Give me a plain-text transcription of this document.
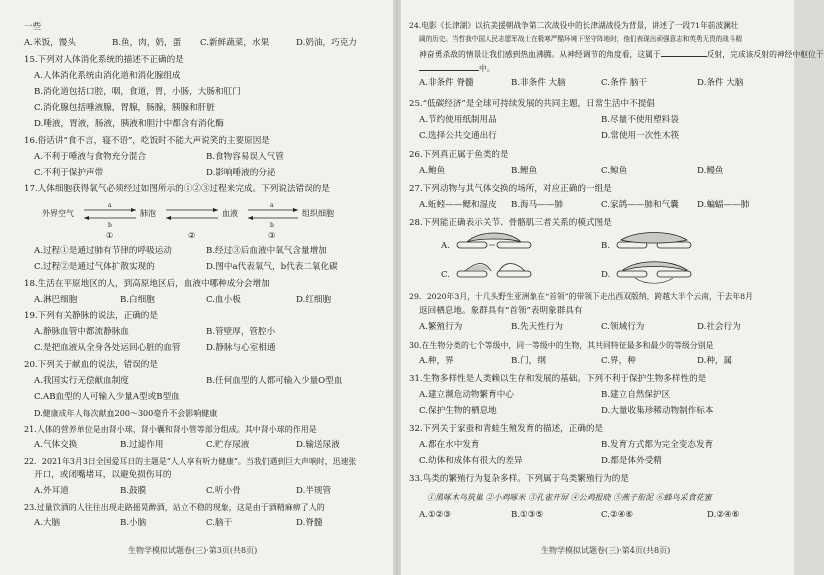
一些
A.米饭，馒头	B.鱼，肉，奶，蛋 C.新鲜蔬菜，水果	D.奶油，巧克力
15.下列对人体消化系统的描述不正确的是
A.人体消化系统由消化道和消化腺组成
B.消化道包括口腔，咽，食道，胃，小肠，大肠和肛门
C.消化腺包括唾液腺，胃腺，肠腺，胰腺和肝脏
D.唾液，胃液，肠液，胰液和胆汁中都含有消化酶
16.俗话讲“食不言，寝不语”，吃饭时不能大声说笑的主要原因是
A.不利于唾液与食物充分混合	B.食物容易误入气管
C.不利于保护声带	D.影响唾液的分泌
17.人体细胞获得氧气必须经过如图所示的①②③过程来完成。下列说法错误的是
外界空气
a
b
肺泡	血液
a
b
组织细胞
①	②	③
A.过程①是通过肺有节律的呼吸运动	B.经过③后血液中氧气含量增加
C.过程②是通过气体扩散实现的	D.图中a代表氧气，b代表二氧化碳
18.生活在平原地区的人，到高原地区后，血液中哪种成分会增加
A.淋巴细胞	B.白细胞	C.血小板	D.红细胞
19.下列有关静脉的说法，正确的是
A.静脉血管中都流静脉血	B.管壁厚，管腔小
C.是把血液从全身各处运回心脏的血管	D.静脉与心室相通
20.下列关于献血的说法，错误的是
A.我国实行无偿献血制度	B.任何血型的人都可输入少量O型血
C.AB血型的人可输入少量A型或B型血
D.健康成年人每次献血200～300毫升不会影响健康
21.人体的营养单位是由肾小球，肾小囊和肾小管等部分组成。其中肾小球的作用是
A.气体交换	B.过滤作用	C.贮存尿液	D.输送尿液
22．2021年3月3日全国爱耳日的主题是“人人享有听力健康”。当我们遇到巨大声响时，迅速张
开口，或闭嘴堵耳，以避免损伤耳的
A.外耳道	B.鼓膜	C.听小骨	D.半规管
23.过量饮酒的人往往出现走路摇晃醉酒，站立不稳的现象，这是由于酒精麻痹了人的
A.大脑	B.小脑	C.脑干	D.脊髓
生物学模拟试题卷(三)·第3页(共8页)
24.电影《长津湖》以抗美援朝战争第二次战役中的长津湖战役为背景，讲述了一段71年前波澜壮
阔的历史。当哲我中国人民志愿军战士在极寒严酷环境下坚守阵地时，他们表现出顽强意志和英勇无畏的战斗精
神奋勇杀敌的情景让我们感到热血沸腾。从神经调节的角度看，这属于	反射，完成该反射的神经中枢位于
中。
A.非条件 脊髓	B.非条件 大脑	C.条件 脑干	D.条件 大脑
25.“低碳经济”是全球可持续发展的共同主题，日常生活中不提倡
A.节约使用纸制用品	B.尽量不使用塑料袋
C.选择公共交通出行	D.常使用一次性木筷
26.下列真正属于鱼类的是
A.鲍鱼	B.鲤鱼	C.鲸鱼	D.鳗鱼
27.下列动物与其气体交换的场所，对应正确的一组是
A.蚯蚓——鳃和湿皮 B.海马——肺	C.家鸽——肺和气囊 D.蝙蝠——肺
28.下列能正确表示关节、骨骼肌三者关系的模式图是
A.	B.
C.	D.
29．2020年3月，十几头野生亚洲象在“首领”的带领下走出西双版纳，跨越大半个云南，于去年8月
返回栖息地。象群具有“首领”表明象群具有
A.繁殖行为	B.先天性行为	C.领域行为	D.社会行为
30.在生物分类的七个等级中，同一等级中的生物，其共同特征最多和最少的等级分别是
A.种，界	B.门，纲	C.界，种	D.种，属
31.生物多样性是人类赖以生存和发展的基础。下列不利于保护生物多样性的是
A.建立濒危动物繁育中心	B.建立自然保护区
C.保护生物的栖息地	D.大量收集珍稀动物制作标本
32.下列关于家蚕和青蛙生殖发育的描述，正确的是
A.都在水中发育	B.发育方式都为完全变态发育
C.幼体和成体有很大的差异	D.都是体外受精
33.鸟类的繁殖行为复杂多样。下列属于鸟类繁殖行为的是
①黑啄木鸟筑巢 ②小鸡啄米 ③孔雀开屏 ④公鸡报晓 ⑤燕子衔泥 ⑥蜂鸟采食花蜜
A.①②③	B.①③⑤	C.②④⑥	D.②④⑥
生物学模拟试题卷(三)·第4页(共8页)
